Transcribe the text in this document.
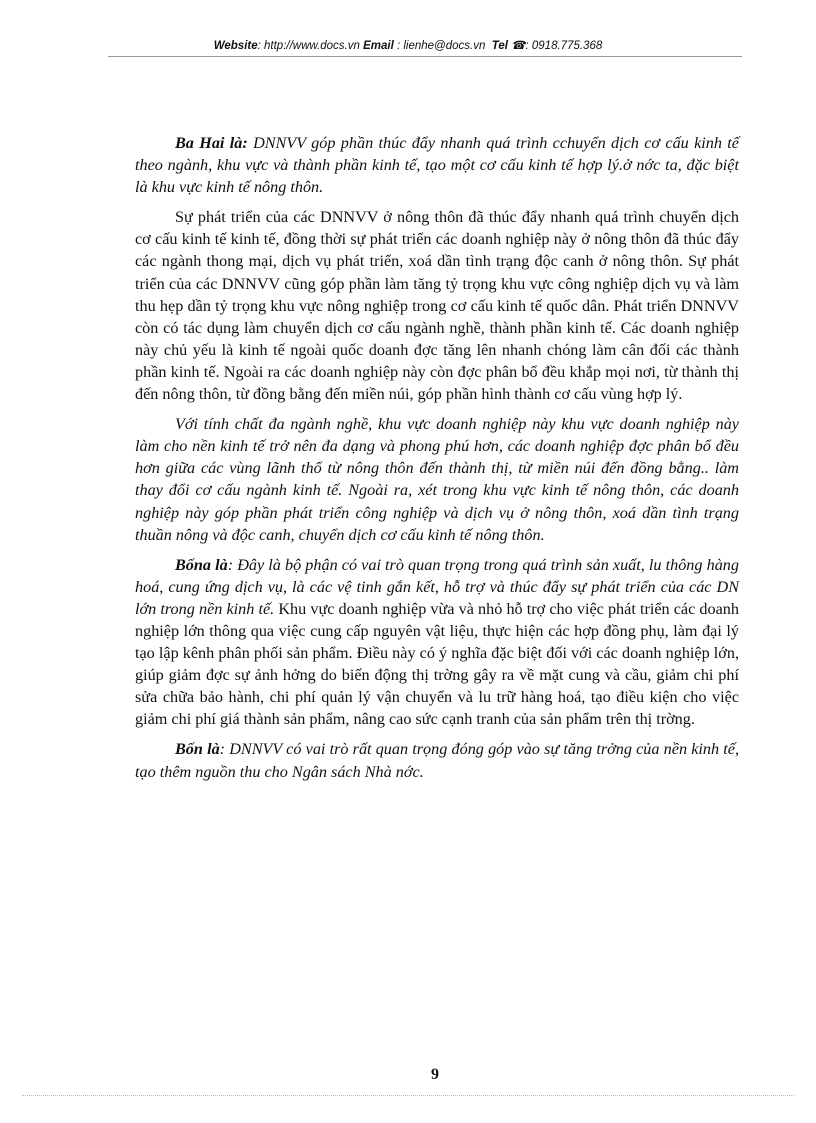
Website: http://www.docs.vn Email : lienhe@docs.vn Tel ☎: 0918.775.368

Ba Hai là: DNNVV góp phần thúc đẩy nhanh quá trình cchuyển dịch cơ cấu kinh tế theo ngành, khu vực và thành phần kinh tế, tạo một cơ cấu kinh tế hợp lý.ở nớc ta, đặc biệt là khu vực kinh tế nông thôn.

Sự phát triển của các DNNVV ở nông thôn đã thúc đẩy nhanh quá trình chuyển dịch cơ cấu kinh tế kinh tế, đồng thời sự phát triển các doanh nghiệp này ở nông thôn đã thúc đẩy các ngành thong mại, dịch vụ phát triển, xoá dần tình trạng độc canh ở nông thôn. Sự phát triển của các DNNVV cũng góp phần làm tăng tỷ trọng khu vực công nghiệp dịch vụ và làm thu hẹp dần tỷ trọng khu vực nông nghiệp trong cơ cấu kinh tế quốc dân. Phát triển DNNVV còn có tác dụng làm chuyển dịch cơ cấu ngành nghề, thành phần kinh tế. Các doanh nghiệp này chủ yếu là kinh tế ngoài quốc doanh đợc tăng lên nhanh chóng làm cân đối các thành phần kinh tế. Ngoài ra các doanh nghiệp này còn đợc phân bổ đều khắp mọi nơi, từ thành thị đến nông thôn, từ đồng bằng đến miền núi, góp phần hình thành cơ cấu vùng hợp lý.

Với tính chất đa ngành nghề, khu vực doanh nghiệp này khu vực doanh nghiệp này làm cho nền kinh tế trở nên đa dạng và phong phú hơn, các doanh nghiệp đợc phân bổ đều hơn giữa các vùng lãnh thổ từ nông thôn đến thành thị, từ miền núi đến đồng bằng.. làm thay đổi cơ cấu ngành kinh tế. Ngoài ra, xét trong khu vực kinh tế nông thôn, các doanh nghiệp này góp phần phát triển công nghiệp và dịch vụ ở nông thôn, xoá dần tình trạng thuần nông và độc canh, chuyển dịch cơ cấu kinh tế nông thôn.

Bốna là: Đây là bộ phận có vai trò quan trọng trong quá trình sản xuất, lu thông hàng hoá, cung ứng dịch vụ, là các vệ tinh gắn kết, hỗ trợ và thúc đẩy sự phát triển của các DN lớn trong nền kinh tế. Khu vực doanh nghiệp vừa và nhỏ hỗ trợ cho việc phát triển các doanh nghiệp lớn thông qua việc cung cấp nguyên vật liệu, thực hiện các hợp đồng phụ, làm đại lý tạo lập kênh phân phối sản phẩm. Điều này có ý nghĩa đặc biệt đối với các doanh nghiệp lớn, giúp giảm đợc sự ảnh hởng do biến động thị trờng gây ra về mặt cung và cầu, giảm chi phí sửa chữa bảo hành, chi phí quản lý vận chuyển và lu trữ hàng hoá, tạo điều kiện cho việc giảm chi phí giá thành sản phẩm, nâng cao sức cạnh tranh của sản phẩm trên thị trờng.

Bốn là: DNNVV có vai trò rất quan trọng đóng góp vào sự tăng trởng của nền kinh tế, tạo thêm nguồn thu cho Ngân sách Nhà nớc.

9
